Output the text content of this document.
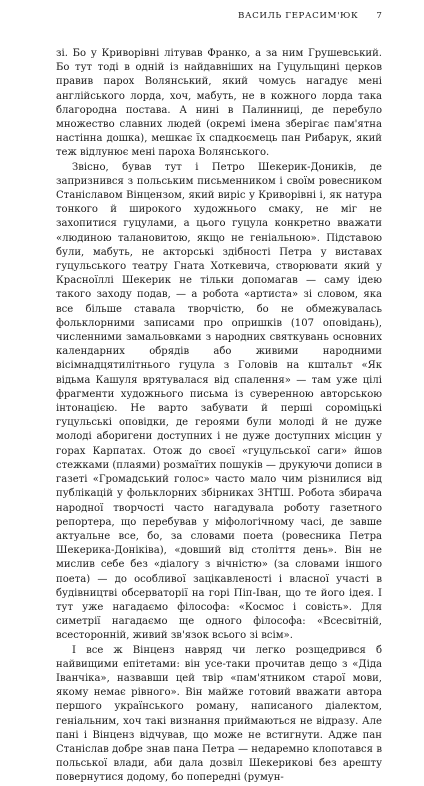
ВАСИЛЬ ГЕРАСИМ'ЮК 7

зі. Бо у Криворівні літував Франко, а за ним Грушевський. Бо тут тоді в одній із найдавніших на Гуцульщині церков правив парох Волянський, який чомусь нагадує мені англійського лорда, хоч, мабуть, не в кожного лорда така благородна постава. А нині в Палинниці, де перебуло множество славних людей (окремі імена зберігає пам'ятна настінна дошка), мешкає їх спадкоємець пан Рибарук, який теж відлунює мені пароха Волянського.

Звісно, бував тут і Петро Шекерик-Доників, де запризнився з польським письменником і своїм ровесником Станіславом Вінцензом, який виріс у Криворівні і, як натура тонкого й широкого художнього смаку, не міг не захопитися гуцулами, а цього гуцула конкретно вважати «людиною талановитою, якщо не геніальною». Підставою були, мабуть, не акторські здібності Петра у виставах гуцульського театру Гната Хоткевича, створювати який у Красноїллі Шекерик не тільки допомагав — саму ідею такого заходу подав, — а робота «артиста» зі словом, яка все більше ставала творчістю, бо не обмежувалась фольклорними записами про опришків (107 оповідань), численними замальовками з народних святкувань основних календарних обрядів або живими народними вісімнадцятилітнього гуцула з Головів на кштальт «Як відьма Кашуля врятувалася від спалення» — там уже цілі фрагменти художнього письма із суверенною авторською інтонацією. Не варто забувати й перші сороміцькі гуцульські оповідки, де героями були молоді й не дуже молоді аборигени доступних і не дуже доступних місцин у горах Карпатах. Отож до своєї «гуцульської саги» йшов стежками (плаями) розмаїтих пошуків — друкуючи дописи в газеті «Громадський голос» часто мало чим різнилися від публікацій у фольклорних збірниках ЗНТШ. Робота збирача народної творчості часто нагадувала роботу газетного репортера, що перебував у міфологічному часі, де завше актуальне все, бо, за словами поета (ровесника Петра Шекерика-Доніківа), «довший від століття день». Він не мислив себе без «діалогу з вічністю» (за словами іншого поета) — до особливої зацікавленості і власної участі в будівництві обсерваторії на горі Піп-Іван, що те його ідея. І тут уже нагадаємо філософа: «Космос і совість». Для симетрії нагадаємо ще одного філософа: «Всесвітній, всесторонній, живий зв'язок всього зі всім».

І все ж Вінценз навряд чи легко розщедрився б найвищими епітетами: він усе-таки прочитав дещо з «Діда Іванчіка», назвавши цей твір «пам'ятником старої мови, якому немає рівного». Він майже готовий вважати автора першого українського роману, написаного діалектом, генiальним, хоч такі визнання приймаються не відразу. Але пані і Вінценз відчував, що може не встигнути. Адже пан Станіслав добре знав пана Петра — недаремно клопотався в польської влади, аби дала дозвіл Шекерикові без арешту повернутися додому, бо попередні (румун-
